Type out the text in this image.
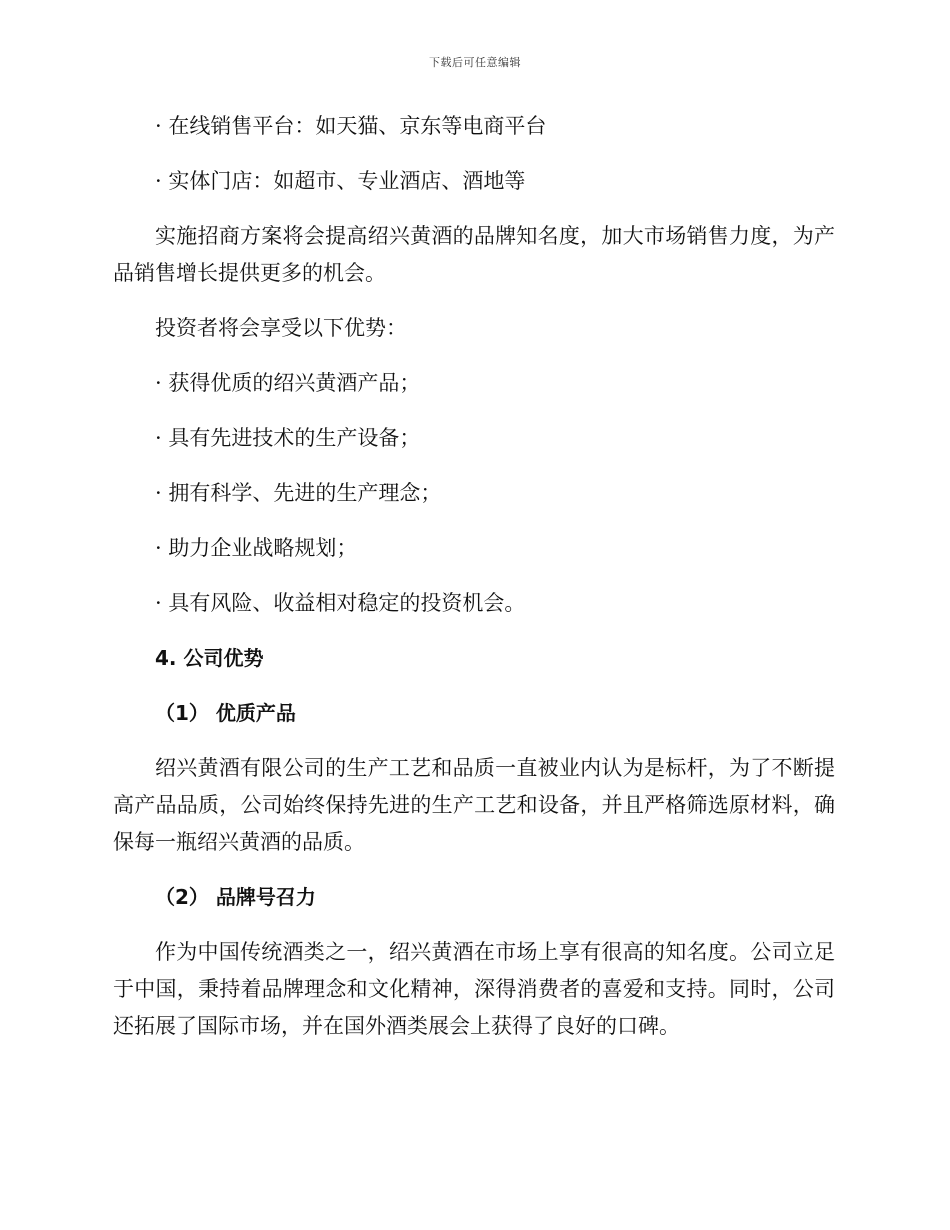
下载后可任意编辑

· 在线销售平台：如天猫、京东等电商平台

· 实体门店：如超市、专业酒店、酒地等

实施招商方案将会提高绍兴黄酒的品牌知名度，加大市场销售力度，为产品销售增长提供更多的机会。

投资者将会享受以下优势：

· 获得优质的绍兴黄酒产品；

· 具有先进技术的生产设备；

· 拥有科学、先进的生产理念；

· 助力企业战略规划；

· 具有风险、收益相对稳定的投资机会。

4. 公司优势

（1） 优质产品

绍兴黄酒有限公司的生产工艺和品质一直被业内认为是标杆，为了不断提高产品品质，公司始终保持先进的生产工艺和设备，并且严格筛选原材料，确保每一瓶绍兴黄酒的品质。

（2） 品牌号召力

作为中国传统酒类之一，绍兴黄酒在市场上享有很高的知名度。公司立足于中国，秉持着品牌理念和文化精神，深得消费者的喜爱和支持。同时，公司还拓展了国际市场，并在国外酒类展会上获得了良好的口碑。
